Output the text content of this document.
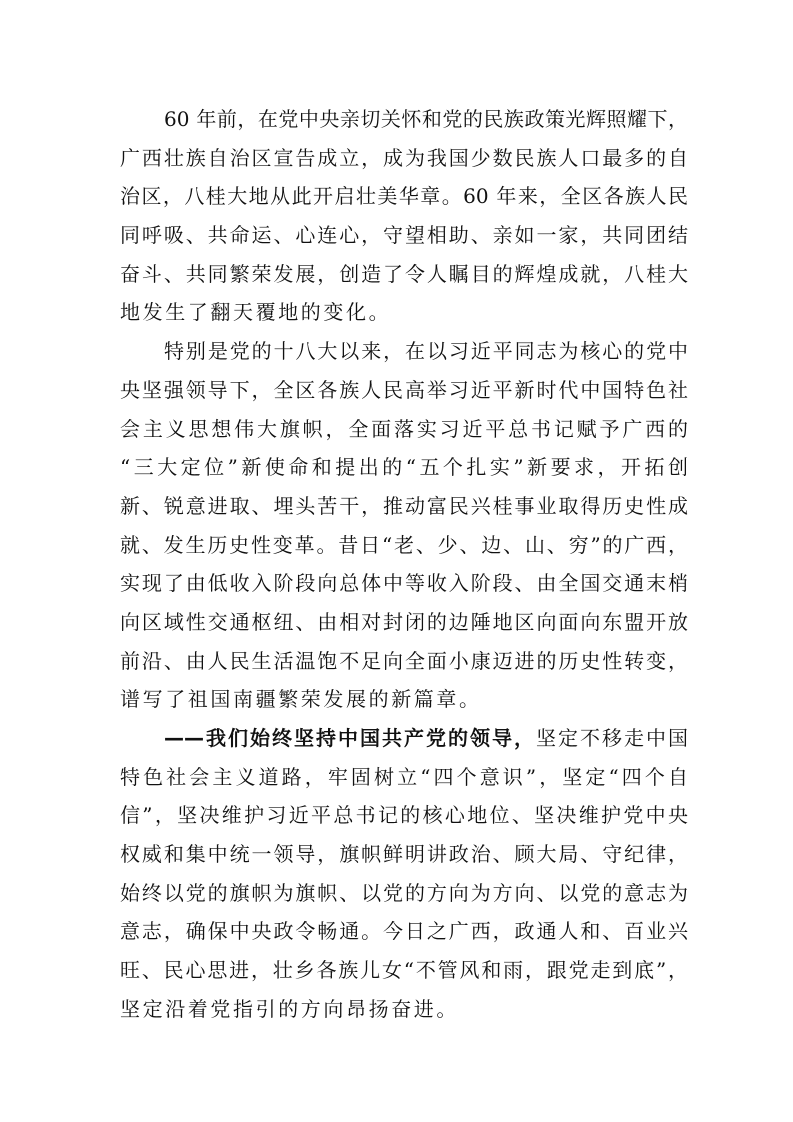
60 年前，在党中央亲切关怀和党的民族政策光辉照耀下，
广西壮族自治区宣告成立，成为我国少数民族人口最多的自
治区，八桂大地从此开启壮美华章。60 年来，全区各族人民
同呼吸、共命运、心连心，守望相助、亲如一家，共同团结
奋斗、共同繁荣发展，创造了令人瞩目的辉煌成就，八桂大
地发生了翻天覆地的变化。
特别是党的十八大以来，在以习近平同志为核心的党中
央坚强领导下，全区各族人民高举习近平新时代中国特色社
会主义思想伟大旗帜，全面落实习近平总书记赋予广西的
“三大定位”新使命和提出的“五个扎实”新要求，开拓创
新、锐意进取、埋头苦干，推动富民兴桂事业取得历史性成
就、发生历史性变革。昔日“老、少、边、山、穷”的广西，
实现了由低收入阶段向总体中等收入阶段、由全国交通末梢
向区域性交通枢纽、由相对封闭的边陲地区向面向东盟开放
前沿、由人民生活温饱不足向全面小康迈进的历史性转变，
谱写了祖国南疆繁荣发展的新篇章。
——我们始终坚持中国共产党的领导，坚定不移走中国
特色社会主义道路，牢固树立“四个意识”，坚定“四个自
信”，坚决维护习近平总书记的核心地位、坚决维护党中央
权威和集中统一领导，旗帜鲜明讲政治、顾大局、守纪律，
始终以党的旗帜为旗帜、以党的方向为方向、以党的意志为
意志，确保中央政令畅通。今日之广西，政通人和、百业兴
旺、民心思进，壮乡各族儿女“不管风和雨，跟党走到底”，
坚定沿着党指引的方向昂扬奋进。
